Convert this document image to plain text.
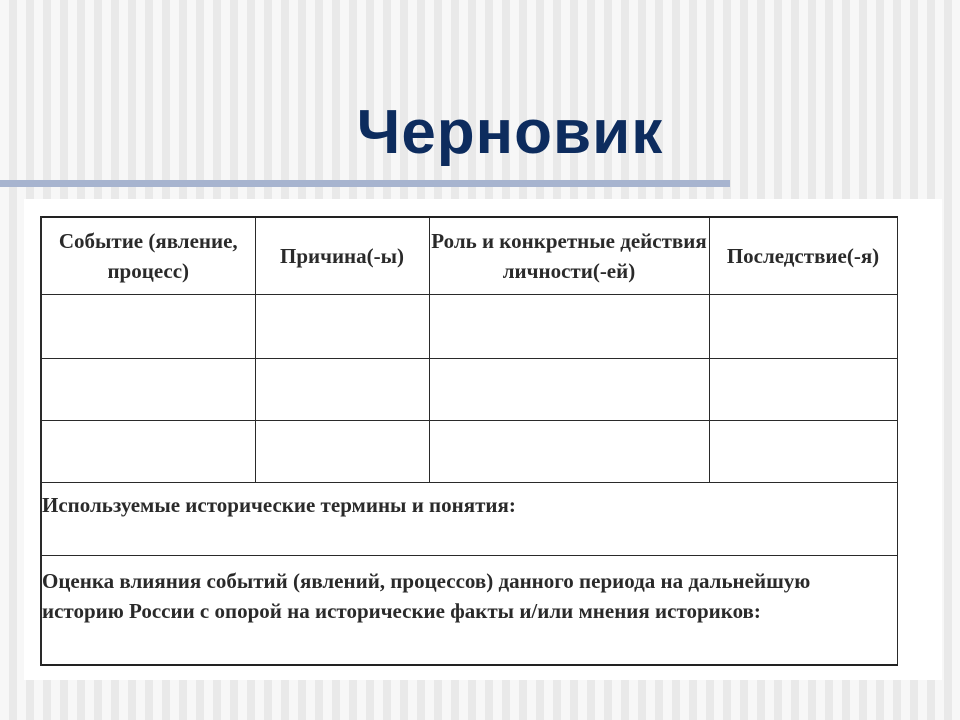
Черновик
Событие (явление, процесс)	Причина(-ы)	Роль и конкретные действия личности(-ей)	Последствие(-я)

Используемые исторические термины и понятия:			
Оценка влияния событий (явлений, процессов) данного периода на дальнейшую историю России с опорой на исторические факты и/или мнения историков:			
